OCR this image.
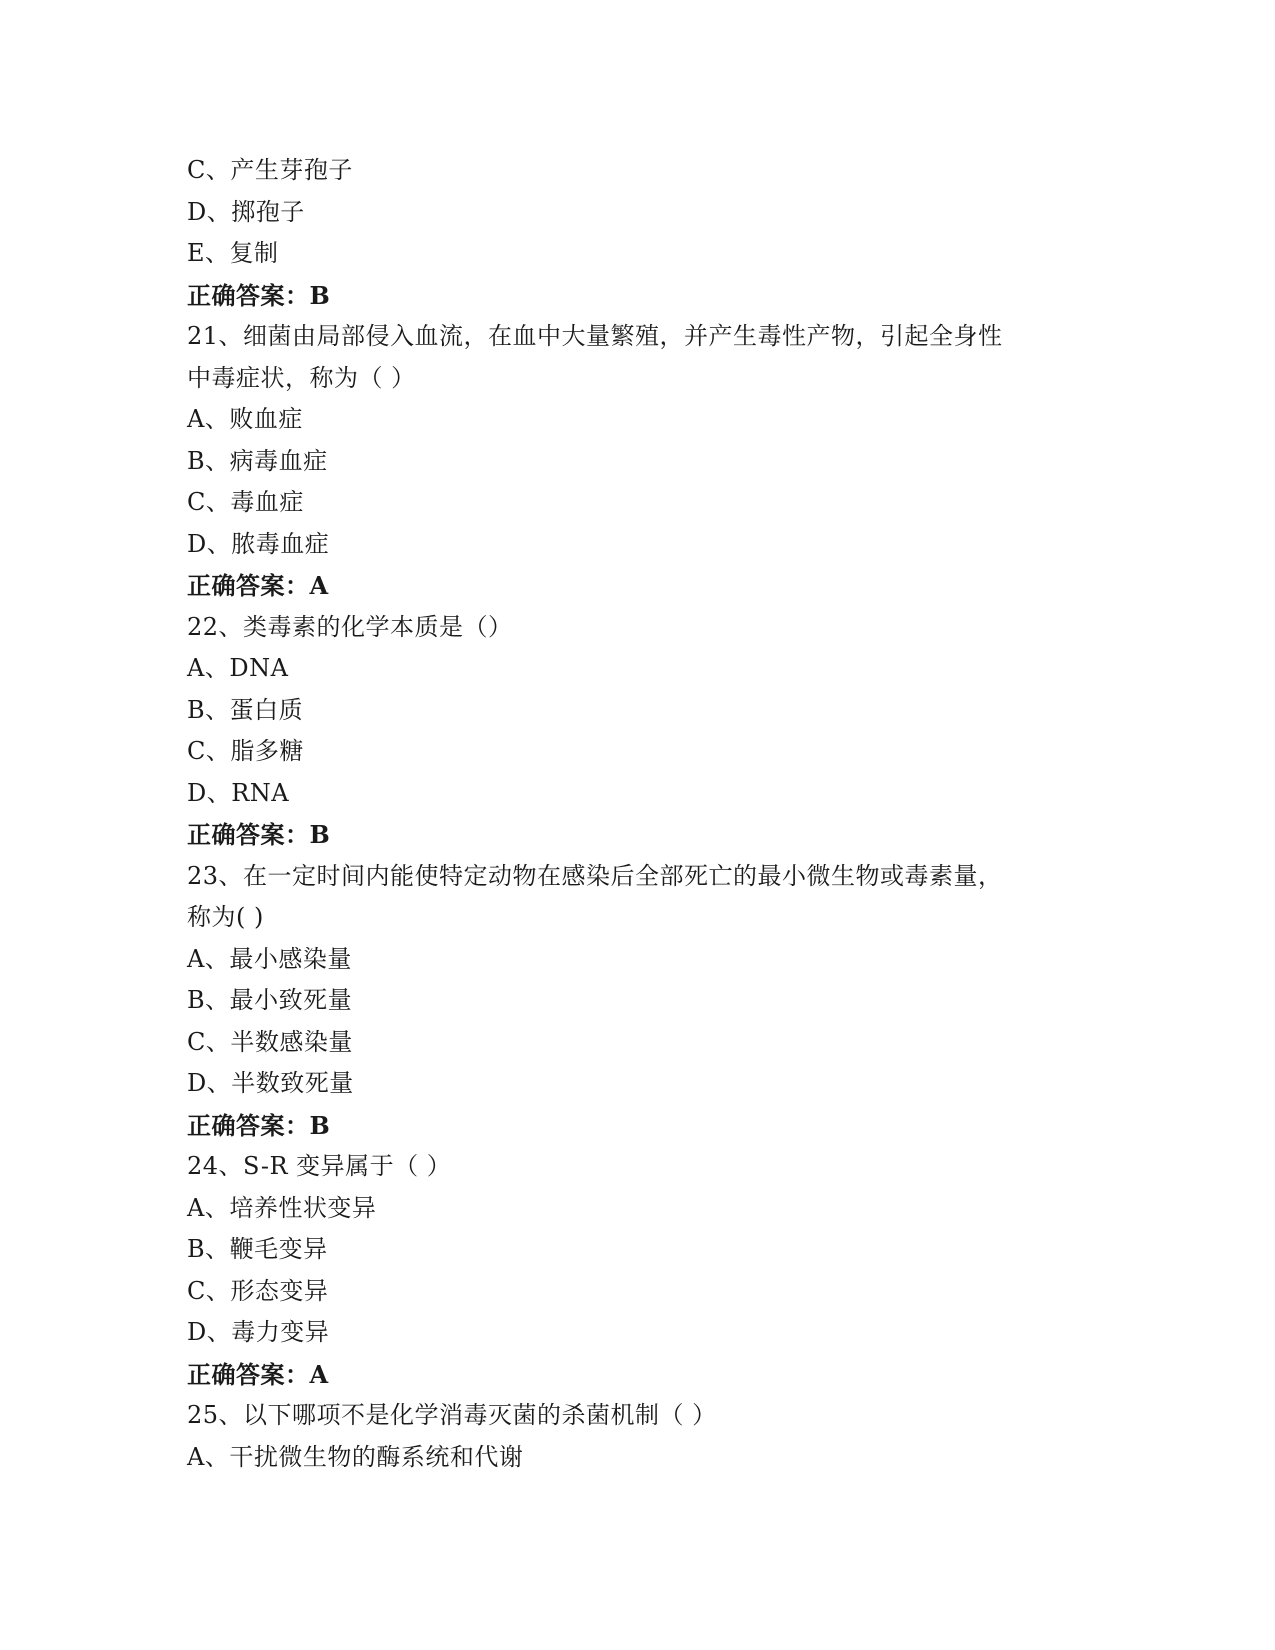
C、产生芽孢子
D、掷孢子
E、复制
正确答案：B
21、细菌由局部侵入血流，在血中大量繁殖，并产生毒性产物，引起全身性
中毒症状，称为（ ）
A、败血症
B、病毒血症
C、毒血症
D、脓毒血症
正确答案：A
22、类毒素的化学本质是（）
A、DNA
B、蛋白质
C、脂多糖
D、RNA
正确答案：B
23、在一定时间内能使特定动物在感染后全部死亡的最小微生物或毒素量，
称为( )
A、最小感染量
B、最小致死量
C、半数感染量
D、半数致死量
正确答案：B
24、S-R 变异属于（ ）
A、培养性状变异
B、鞭毛变异
C、形态变异
D、毒力变异
正确答案：A
25、以下哪项不是化学消毒灭菌的杀菌机制（ ）
A、干扰微生物的酶系统和代谢
